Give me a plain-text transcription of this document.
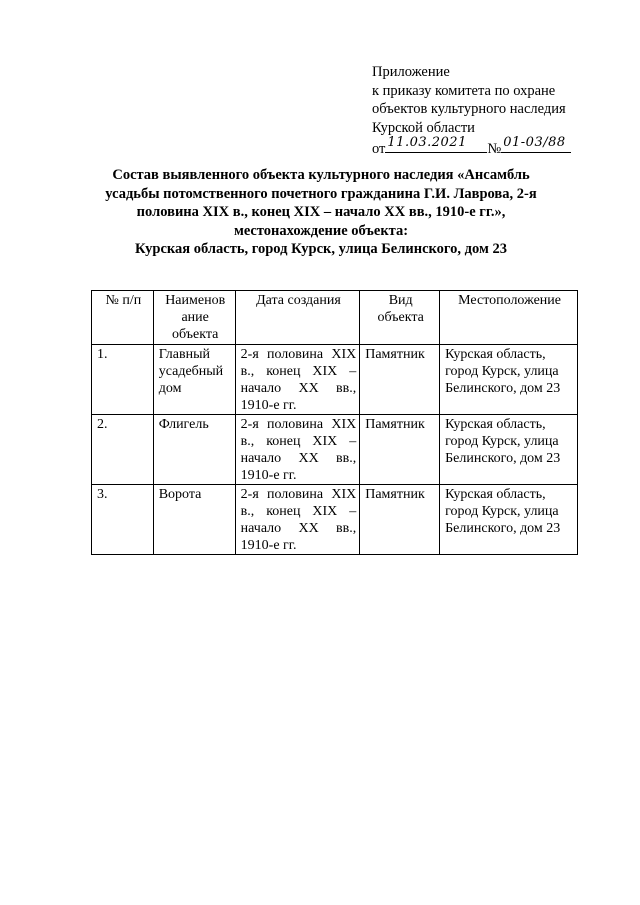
Приложение
к приказу комитета по охране
объектов культурного наследия
Курской области
от 11.03.2021 № 01-03/88
Состав выявленного объекта культурного наследия «Ансамбль
усадьбы потомственного почетного гражданина Г.И. Лаврова, 2-я
половина XIX в., конец XIX – начало XX вв., 1910-е гг.»,
местонахождение объекта:
Курская область, город Курск, улица Белинского, дом 23
№ п/п	Наименов ание объекта	Дата создания	Вид объекта	Местоположение
1.	Главный усадебный дом	2-я половина XIX в., конец XIX – начало XX вв., 1910-е гг.	Памятник	Курская область, город Курск, улица Белинского, дом 23
2.	Флигель	2-я половина XIX в., конец XIX – начало XX вв., 1910-е гг.	Памятник	Курская область, город Курск, улица Белинского, дом 23
3.	Ворота	2-я половина XIX в., конец XIX – начало XX вв., 1910-е гг.	Памятник	Курская область, город Курск, улица Белинского, дом 23
